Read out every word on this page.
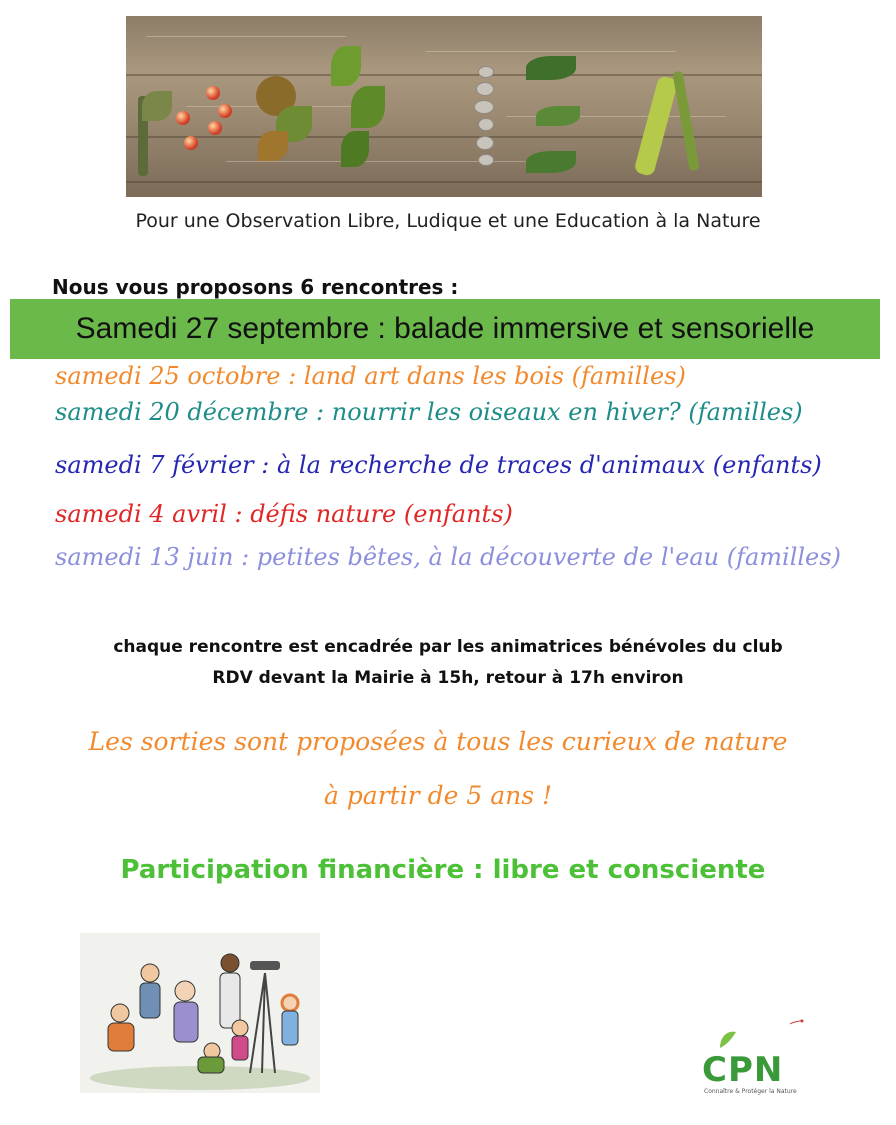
Pour une Observation Libre, Ludique et une Education à la Nature
Nous vous proposons 6 rencontres :
Samedi 27 septembre : balade immersive et sensorielle
samedi 25 octobre : land art dans les bois (familles)
samedi 20 décembre : nourrir les oiseaux en hiver? (familles)
samedi 7 février : à la recherche de traces d'animaux (enfants)
samedi 4 avril : défis nature (enfants)
samedi 13 juin : petites bêtes, à la découverte de l'eau (familles)
chaque rencontre est encadrée par les animatrices bénévoles du club
RDV devant la Mairie à 15h, retour à 17h environ
Les sorties sont proposées à tous les curieux de nature
à partir de 5 ans !
Participation financière : libre et consciente
CPN
Connaître & Protéger la Nature
